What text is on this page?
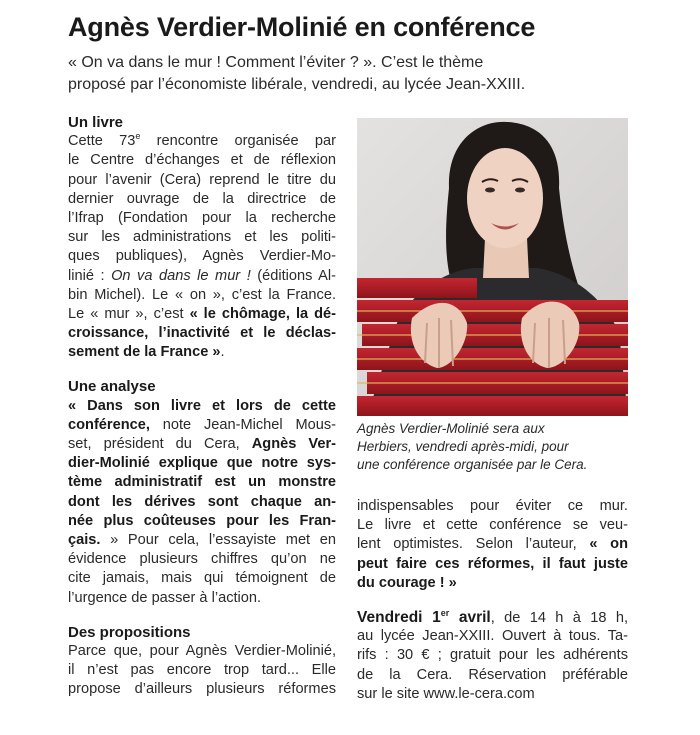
Agnès Verdier-Molinié en conférence
« On va dans le mur ! Comment l’éviter ? ». C’est le thème
proposé par l’économiste libérale, vendredi, au lycée Jean-XXIII.
Un livre
Cette 73e rencontre organisée par
le Centre d’échanges et de réflexion
pour l’avenir (Cera) reprend le titre du
dernier ouvrage de la directrice de
l’Ifrap (Fondation pour la recherche
sur les administrations et les politi-
ques publiques), Agnès Verdier-Mo-
linié : On va dans le mur ! (éditions Al-
bin Michel). Le « on », c’est la France.
Le « mur », c’est « le chômage, la dé-
croissance, l’inactivité et le déclas-
sement de la France ».
Une analyse
« Dans son livre et lors de cette
conférence, note Jean-Michel Mous-
set, président du Cera, Agnès Ver-
dier-Molinié explique que notre sys-
tème administratif est un monstre
dont les dérives sont chaque an-
née plus coûteuses pour les Fran-
çais. » Pour cela, l’essayiste met en
évidence plusieurs chiffres qu’on ne
cite jamais, mais qui témoignent de
l’urgence de passer à l’action.
Des propositions
Parce que, pour Agnès Verdier-Molinié,
il n’est pas encore trop tard... Elle
propose d’ailleurs plusieurs réformes
Agnès Verdier-Molinié sera aux
Herbiers, vendredi après-midi, pour
une conférence organisée par le Cera.
indispensables pour éviter ce mur.
Le livre et cette conférence se veu-
lent optimistes. Selon l’auteur, « on
peut faire ces réformes, il faut juste
du courage ! »
Vendredi 1er avril, de 14 h à 18 h,
au lycée Jean-XXIII. Ouvert à tous. Ta-
rifs : 30 € ; gratuit pour les adhérents
de la Cera. Réservation préférable
sur le site www.le-cera.com
